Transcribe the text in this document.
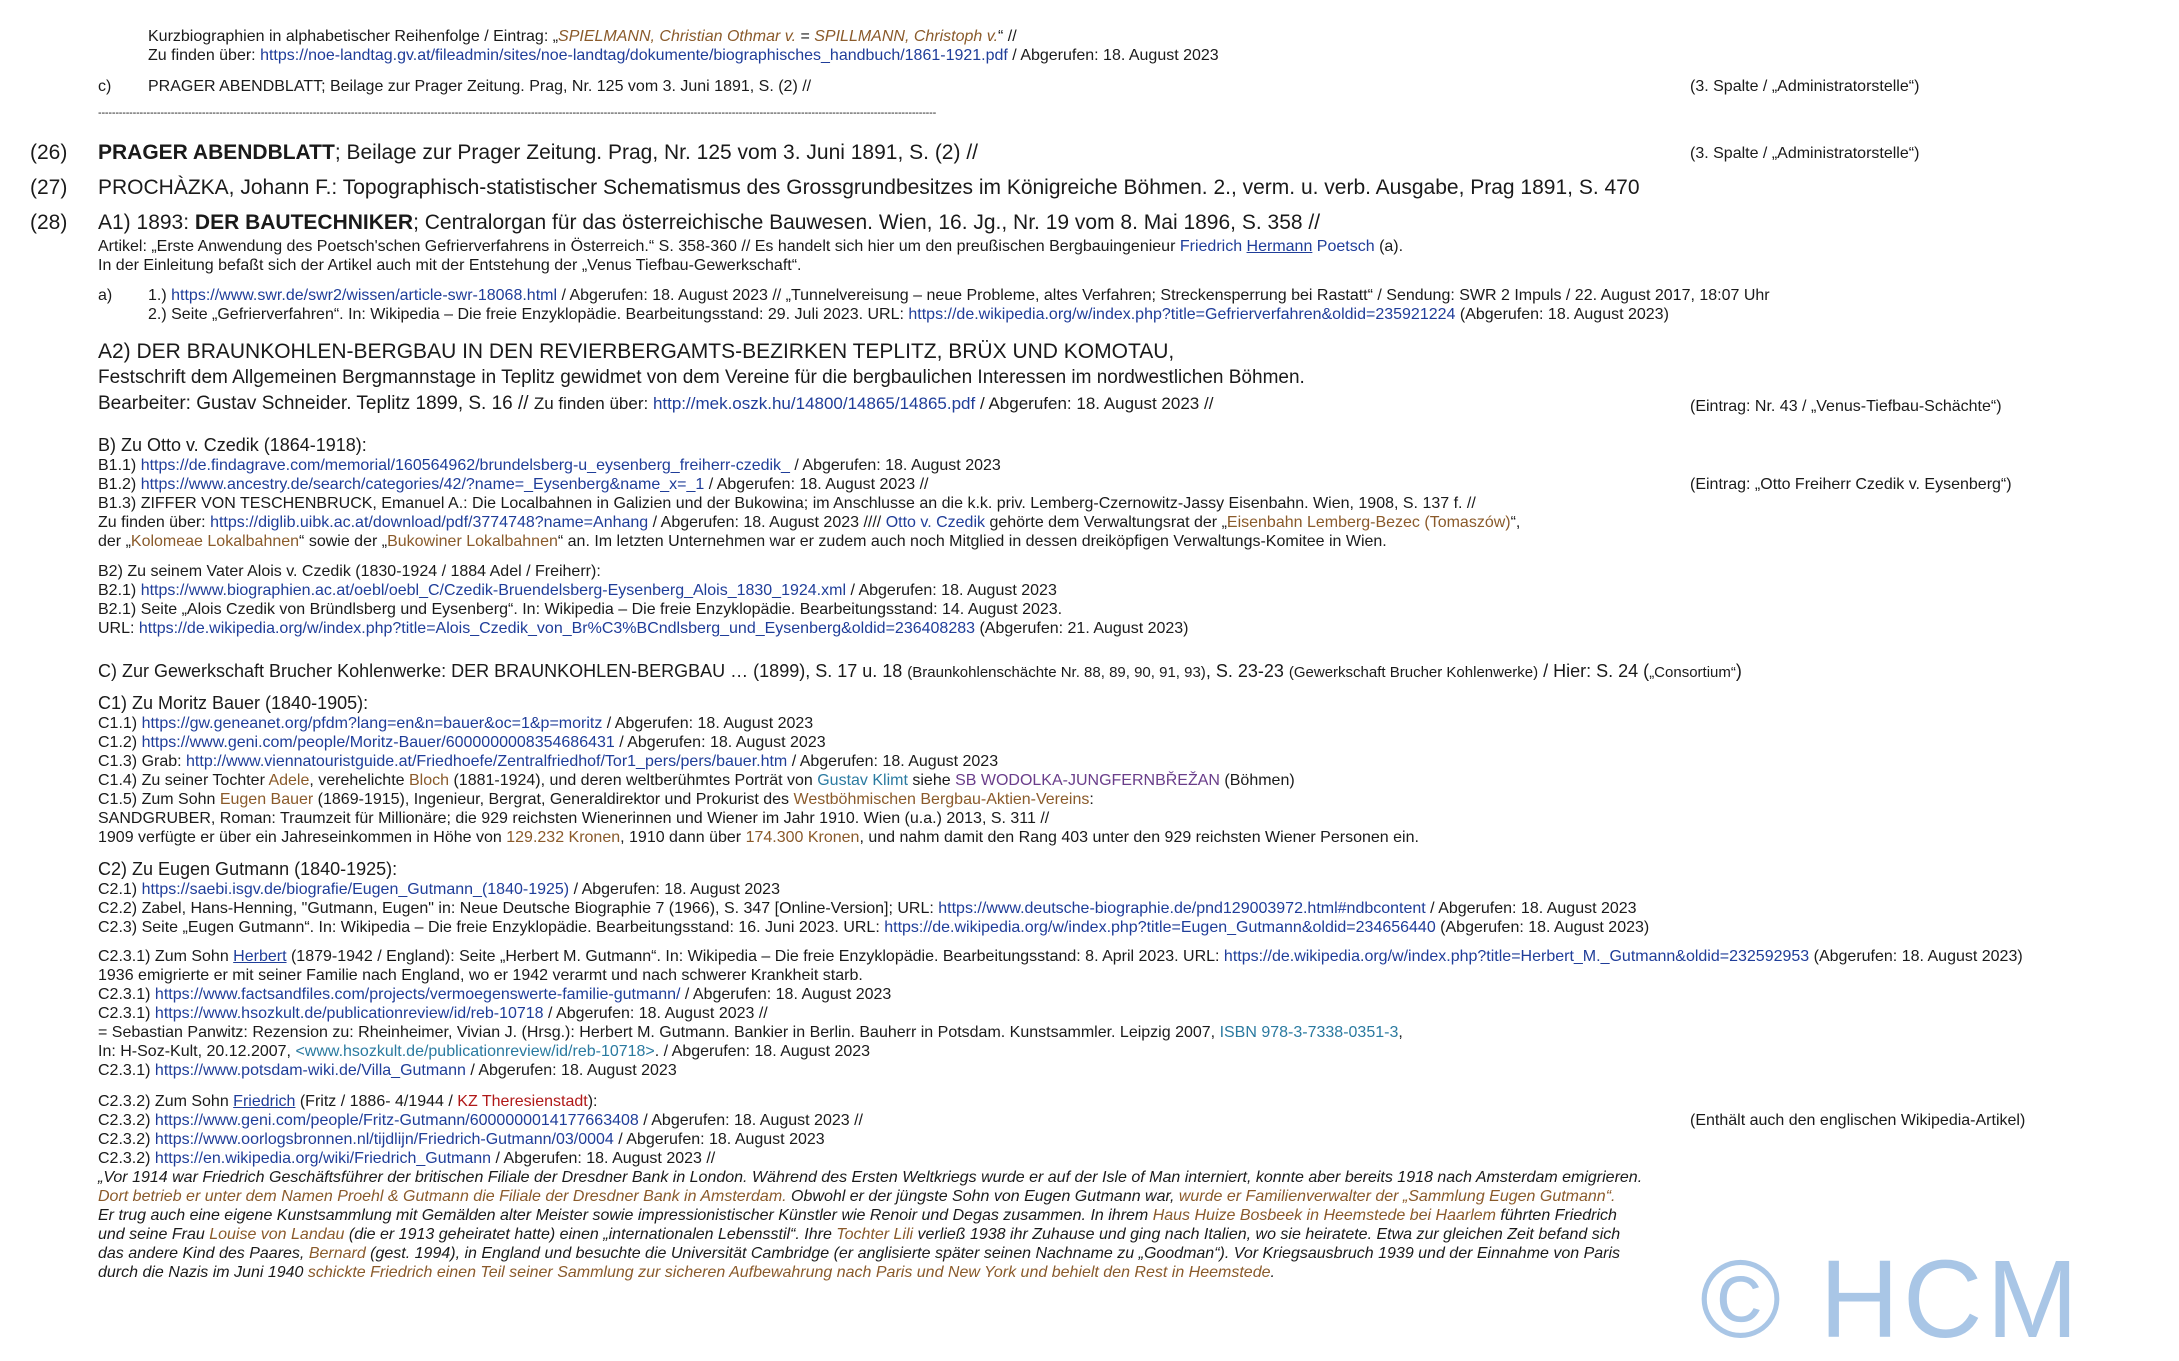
Kurzbiographien in alphabetischer Reihenfolge / Eintrag: „SPIELMANN, Christian Othmar v. = SPILLMANN, Christoph v.“ //
Zu finden über: https://noe-landtag.gv.at/fileadmin/sites/noe-landtag/dokumente/biographisches_handbuch/1861-1921.pdf / Abgerufen: 18. August 2023
c) PRAGER ABENDBLATT; Beilage zur Prager Zeitung. Prag, Nr. 125 vom 3. Juni 1891, S. (2) //	(3. Spalte / „Administratorstelle“)
--------------------------------------------------------------------------------------------------------------------------------------------------------------------------------------------------------------------------------------------------
(26) PRAGER ABENDBLATT; Beilage zur Prager Zeitung. Prag, Nr. 125 vom 3. Juni 1891, S. (2) //	(3. Spalte / „Administratorstelle“)
(27) PROCHÀZKA, Johann F.: Topographisch-statistischer Schematismus des Grossgrundbesitzes im Königreiche Böhmen. 2., verm. u. verb. Ausgabe, Prag 1891, S. 470
(28) A1) 1893: DER BAUTECHNIKER; Centralorgan für das österreichische Bauwesen. Wien, 16. Jg., Nr. 19 vom 8. Mai 1896, S. 358 //
Artikel: „Erste Anwendung des Poetsch'schen Gefrierverfahrens in Österreich.“ S. 358-360 // Es handelt sich hier um den preußischen Bergbauingenieur Friedrich Hermann Poetsch (a).
In der Einleitung befaßt sich der Artikel auch mit der Entstehung der „Venus Tiefbau-Gewerkschaft“.
a) 1.) https://www.swr.de/swr2/wissen/article-swr-18068.html / Abgerufen: 18. August 2023 // „Tunnelvereisung – neue Probleme, altes Verfahren; Streckensperrung bei Rastatt“ / Sendung: SWR 2 Impuls / 22. August 2017, 18:07 Uhr
2.) Seite „Gefrierverfahren“. In: Wikipedia – Die freie Enzyklopädie. Bearbeitungsstand: 29. Juli 2023. URL: https://de.wikipedia.org/w/index.php?title=Gefrierverfahren&oldid=235921224 (Abgerufen: 18. August 2023)
A2) DER BRAUNKOHLEN-BERGBAU IN DEN REVIERBERGAMTS-BEZIRKEN TEPLITZ, BRÜX UND KOMOTAU,
Festschrift dem Allgemeinen Bergmannstage in Teplitz gewidmet von dem Vereine für die bergbaulichen Interessen im nordwestlichen Böhmen.
Bearbeiter: Gustav Schneider. Teplitz 1899, S. 16 // Zu finden über: http://mek.oszk.hu/14800/14865/14865.pdf / Abgerufen: 18. August 2023 //	(Eintrag: Nr. 43 / „Venus-Tiefbau-Schächte“)
B) Zu Otto v. Czedik (1864-1918):
B1.1) https://de.findagrave.com/memorial/160564962/brundelsberg-u_eysenberg_freiherr-czedik_ / Abgerufen: 18. August 2023
B1.2) https://www.ancestry.de/search/categories/42/?name=_Eysenberg&name_x=_1 / Abgerufen: 18. August 2023 //	(Eintrag: „Otto Freiherr Czedik v. Eysenberg“)
B1.3) ZIFFER VON TESCHENBRUCK, Emanuel A.: Die Localbahnen in Galizien und der Bukowina; im Anschlusse an die k.k. priv. Lemberg-Czernowitz-Jassy Eisenbahn. Wien, 1908, S. 137 f. //
Zu finden über: https://diglib.uibk.ac.at/download/pdf/3774748?name=Anhang / Abgerufen: 18. August 2023 //// Otto v. Czedik gehörte dem Verwaltungsrat der „Eisenbahn Lemberg-Bezec (Tomaszów)“,
der „Kolomeae Lokalbahnen“ sowie der „Bukowiner Lokalbahnen“ an. Im letzten Unternehmen war er zudem auch noch Mitglied in dessen dreiköpfigen Verwaltungs-Komitee in Wien.
B2) Zu seinem Vater Alois v. Czedik (1830-1924 / 1884 Adel / Freiherr):
B2.1) https://www.biographien.ac.at/oebl/oebl_C/Czedik-Bruendelsberg-Eysenberg_Alois_1830_1924.xml / Abgerufen: 18. August 2023
B2.1) Seite „Alois Czedik von Bründlsberg und Eysenberg“. In: Wikipedia – Die freie Enzyklopädie. Bearbeitungsstand: 14. August 2023.
URL: https://de.wikipedia.org/w/index.php?title=Alois_Czedik_von_Br%C3%BCndlsberg_und_Eysenberg&oldid=236408283 (Abgerufen: 21. August 2023)
C) Zur Gewerkschaft Brucher Kohlenwerke: DER BRAUNKOHLEN-BERGBAU … (1899), S. 17 u. 18 (Braunkohlenschächte Nr. 88, 89, 90, 91, 93), S. 23-23 (Gewerkschaft Brucher Kohlenwerke) / Hier: S. 24 („Consortium“)
C1) Zu Moritz Bauer (1840-1905):
C1.1) https://gw.geneanet.org/pfdm?lang=en&n=bauer&oc=1&p=moritz / Abgerufen: 18. August 2023
C1.2) https://www.geni.com/people/Moritz-Bauer/6000000008354686431 / Abgerufen: 18. August 2023
C1.3) Grab: http://www.viennatouristguide.at/Friedhoefe/Zentralfriedhof/Tor1_pers/pers/bauer.htm / Abgerufen: 18. August 2023
C1.4) Zu seiner Tochter Adele, verehelichte Bloch (1881-1924), und deren weltberühmtes Porträt von Gustav Klimt siehe SB WODOLKA-JUNGFERNBŘEŽAN (Böhmen)
C1.5) Zum Sohn Eugen Bauer (1869-1915), Ingenieur, Bergrat, Generaldirektor und Prokurist des Westböhmischen Bergbau-Aktien-Vereins:
SANDGRUBER, Roman: Traumzeit für Millionäre; die 929 reichsten Wienerinnen und Wiener im Jahr 1910. Wien (u.a.) 2013, S. 311 //
1909 verfügte er über ein Jahreseinkommen in Höhe von 129.232 Kronen, 1910 dann über 174.300 Kronen, und nahm damit den Rang 403 unter den 929 reichsten Wiener Personen ein.
C2) Zu Eugen Gutmann (1840-1925):
C2.1) https://saebi.isgv.de/biografie/Eugen_Gutmann_(1840-1925) / Abgerufen: 18. August 2023
C2.2) Zabel, Hans-Henning, "Gutmann, Eugen" in: Neue Deutsche Biographie 7 (1966), S. 347 [Online-Version]; URL: https://www.deutsche-biographie.de/pnd129003972.html#ndbcontent / Abgerufen: 18. August 2023
C2.3) Seite „Eugen Gutmann“. In: Wikipedia – Die freie Enzyklopädie. Bearbeitungsstand: 16. Juni 2023. URL: https://de.wikipedia.org/w/index.php?title=Eugen_Gutmann&oldid=234656440 (Abgerufen: 18. August 2023)
C2.3.1) Zum Sohn Herbert (1879-1942 / England): Seite „Herbert M. Gutmann“. In: Wikipedia – Die freie Enzyklopädie. Bearbeitungsstand: 8. April 2023. URL: https://de.wikipedia.org/w/index.php?title=Herbert_M._Gutmann&oldid=232592953 (Abgerufen: 18. August 2023)
1936 emigrierte er mit seiner Familie nach England, wo er 1942 verarmt und nach schwerer Krankheit starb.
C2.3.1) https://www.factsandfiles.com/projects/vermoegenswerte-familie-gutmann/ / Abgerufen: 18. August 2023
C2.3.1) https://www.hsozkult.de/publicationreview/id/reb-10718 / Abgerufen: 18. August 2023 //
= Sebastian Panwitz: Rezension zu: Rheinheimer, Vivian J. (Hrsg.): Herbert M. Gutmann. Bankier in Berlin. Bauherr in Potsdam. Kunstsammler. Leipzig 2007, ISBN 978-3-7338-0351-3,
In: H-Soz-Kult, 20.12.2007, <www.hsozkult.de/publicationreview/id/reb-10718>. / Abgerufen: 18. August 2023
C2.3.1) https://www.potsdam-wiki.de/Villa_Gutmann / Abgerufen: 18. August 2023
C2.3.2) Zum Sohn Friedrich (Fritz / 1886- 4/1944 / KZ Theresienstadt):
C2.3.2) https://www.geni.com/people/Fritz-Gutmann/6000000014177663408 / Abgerufen: 18. August 2023 //	(Enthält auch den englischen Wikipedia-Artikel)
C2.3.2) https://www.oorlogsbronnen.nl/tijdlijn/Friedrich-Gutmann/03/0004 / Abgerufen: 18. August 2023
C2.3.2) https://en.wikipedia.org/wiki/Friedrich_Gutmann / Abgerufen: 18. August 2023 //
„Vor 1914 war Friedrich Geschäftsführer der britischen Filiale der Dresdner Bank in London. Während des Ersten Weltkriegs wurde er auf der Isle of Man interniert, konnte aber bereits 1918 nach Amsterdam emigrieren.
Dort betrieb er unter dem Namen Proehl & Gutmann die Filiale der Dresdner Bank in Amsterdam. Obwohl er der jüngste Sohn von Eugen Gutmann war, wurde er Familienverwalter der „Sammlung Eugen Gutmann“.
Er trug auch eine eigene Kunstsammlung mit Gemälden alter Meister sowie impressionistischer Künstler wie Renoir und Degas zusammen. In ihrem Haus Huize Bosbeek in Heemstede bei Haarlem führten Friedrich
und seine Frau Louise von Landau (die er 1913 geheiratet hatte) einen „internationalen Lebensstil“. Ihre Tochter Lili verließ 1938 ihr Zuhause und ging nach Italien, wo sie heiratete. Etwa zur gleichen Zeit befand sich
das andere Kind des Paares, Bernard (gest. 1994), in England und besuchte die Universität Cambridge (er anglisierte später seinen Nachname zu „Goodman“). Vor Kriegsausbruch 1939 und der Einnahme von Paris
durch die Nazis im Juni 1940 schickte Friedrich einen Teil seiner Sammlung zur sicheren Aufbewahrung nach Paris und New York und behielt den Rest in Heemstede.	© HCM
